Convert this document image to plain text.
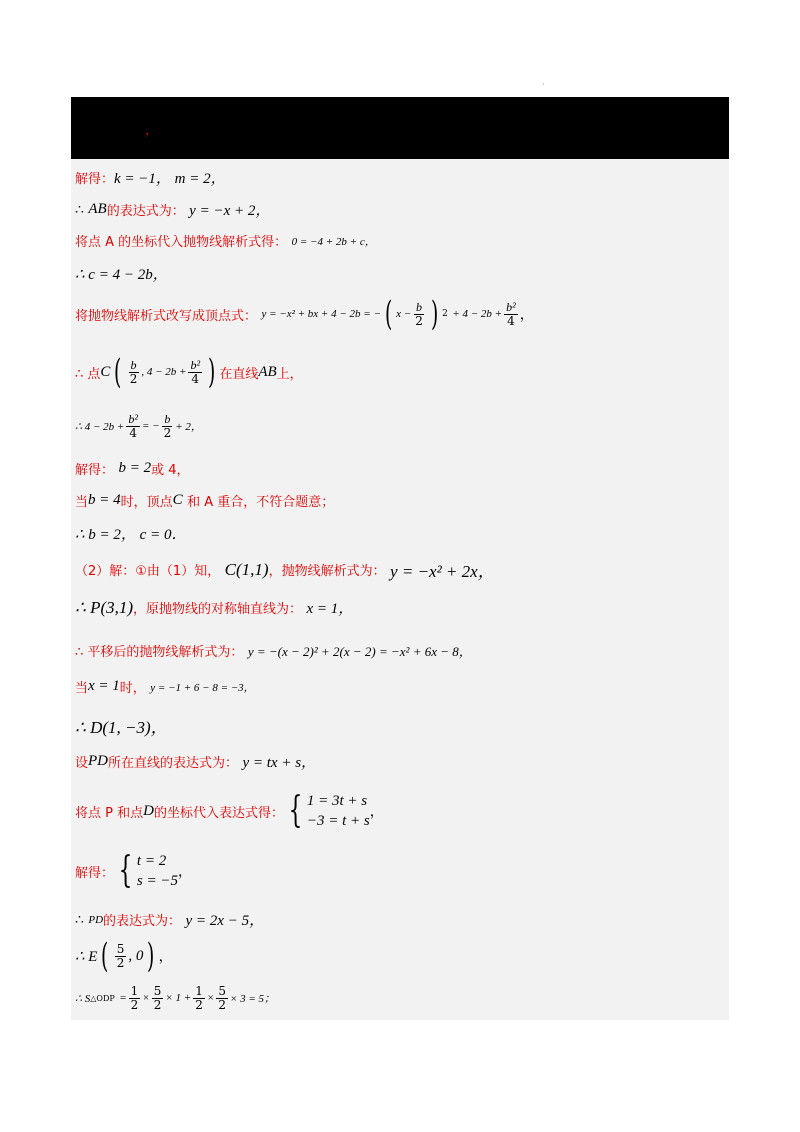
·
，
解得： k = −1， m = 2，
∴
AB 的表达式为：
y = −x + 2，
将点 A 的坐标代入抛物线解析式得：
0 = −4 + 2b + c，
∴ c = 4 − 2b，
将抛物线解析式改写成顶点式：
y = −x² + bx + 4 − 2b = − ( $x - \frac{b}{2}$ ) 2
+ $4 - 2b + \frac{\text{b²}}{4}$ ，
∴ 点 C ( $\frac{b}{2}$ , $4 - 2b + \frac{\text{b²}}{4}$ ) 在直线 AB 上，
∴ $4 - 2b + \frac{\text{b²}}{4}$ = − $\frac{b}{2} + 2$，
解得：
b = 2 或 4，
当 b = 4 时，顶点 C
和 A 重合，不符合题意；
∴ b = 2， c = 0．
（2）解：①由（1）知，
C(1,1) ，抛物线解析式为：
y = −x² + 2x，
∴ P(3,1) ，原抛物线的对称轴直线为：
x = 1，
∴ 平移后的抛物线解析式为：
y = −(x − 2)² + 2(x − 2) = −x² + 6x − 8，
当 x = 1 时，
y = −1 + 6 − 8 = −3，
∴ D(1, −3)，
设 PD 所在直线的表达式为：
y = tx + s，
将点 P 和点 D 的坐标代入表达式得： { 1 = 3t + s
−3 = t + s
，
解得： { t = 2
s = −5
，
∴
PD 的表达式为：
y = 2x − 5，
∴ E ( $\frac{5}{2}$ , 0 ) ，
∴ S △ODP
= $\frac{1}{2} \times \frac{5}{2} \times 1 + \frac{1}{2} \times \frac{5}{2} \times 3 = 5$；
